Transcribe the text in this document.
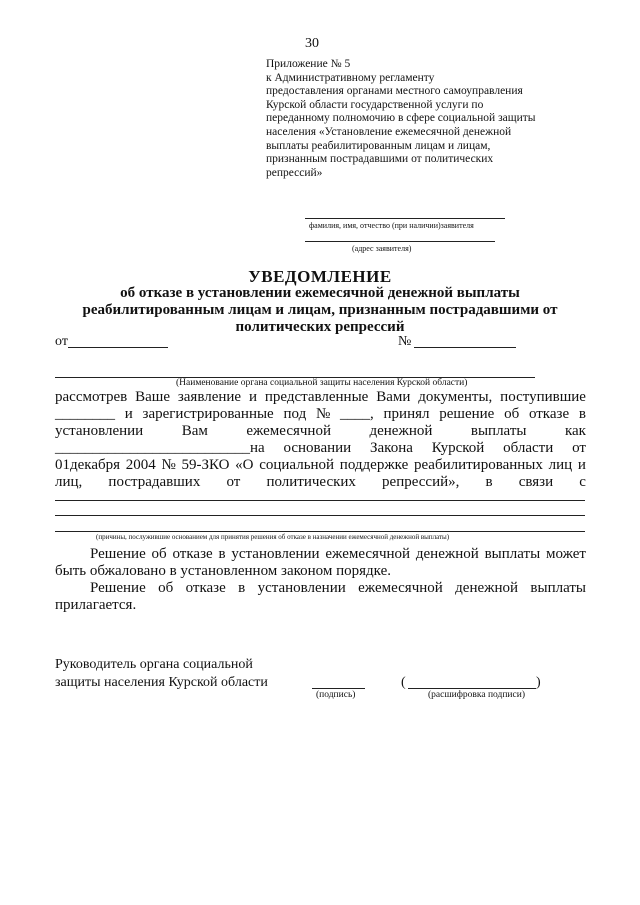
30
Приложение № 5
к Административному регламенту
предоставления органами местного самоуправления
Курской области государственной услуги по
переданному полномочию в сфере социальной защиты
населения «Установление ежемесячной денежной
выплаты реабилитированным лицам и лицам,
признанным пострадавшими от политических
репрессий»
фамилия, имя, отчество (при наличии)заявителя
(адрес заявителя)
УВЕДОМЛЕНИЕ
об отказе в установлении ежемесячной денежной выплаты
реабилитированным лицам и лицам, признанным пострадавшими от
политических репрессий
от	№
(Наименование органа социальной защиты населения Курской области)
рассмотрев Ваше заявление и представленные Вами документы, поступившие
________ и зарегистрированные под № ____, принял решение об отказе в
установлении	Вам	ежемесячной	денежной	выплаты	как
__________________________на основании Закона Курской области от
01декабря 2004 № 59-ЗКО «О социальной поддержке реабилитированных лиц и
лиц, пострадавших от политических репрессий», в связи с
(причины, послужившие основанием для принятия решения об отказе в назначении ежемесячной денежной выплаты)
Решение об отказе в установлении ежемесячной денежной выплаты может быть обжаловано в установленном законом порядке.
Решение об отказе в установлении ежемесячной денежной выплаты прилагается.
Руководитель органа социальной
защиты населения Курской области
(подпись)
(	)
(расшифровка подписи)
